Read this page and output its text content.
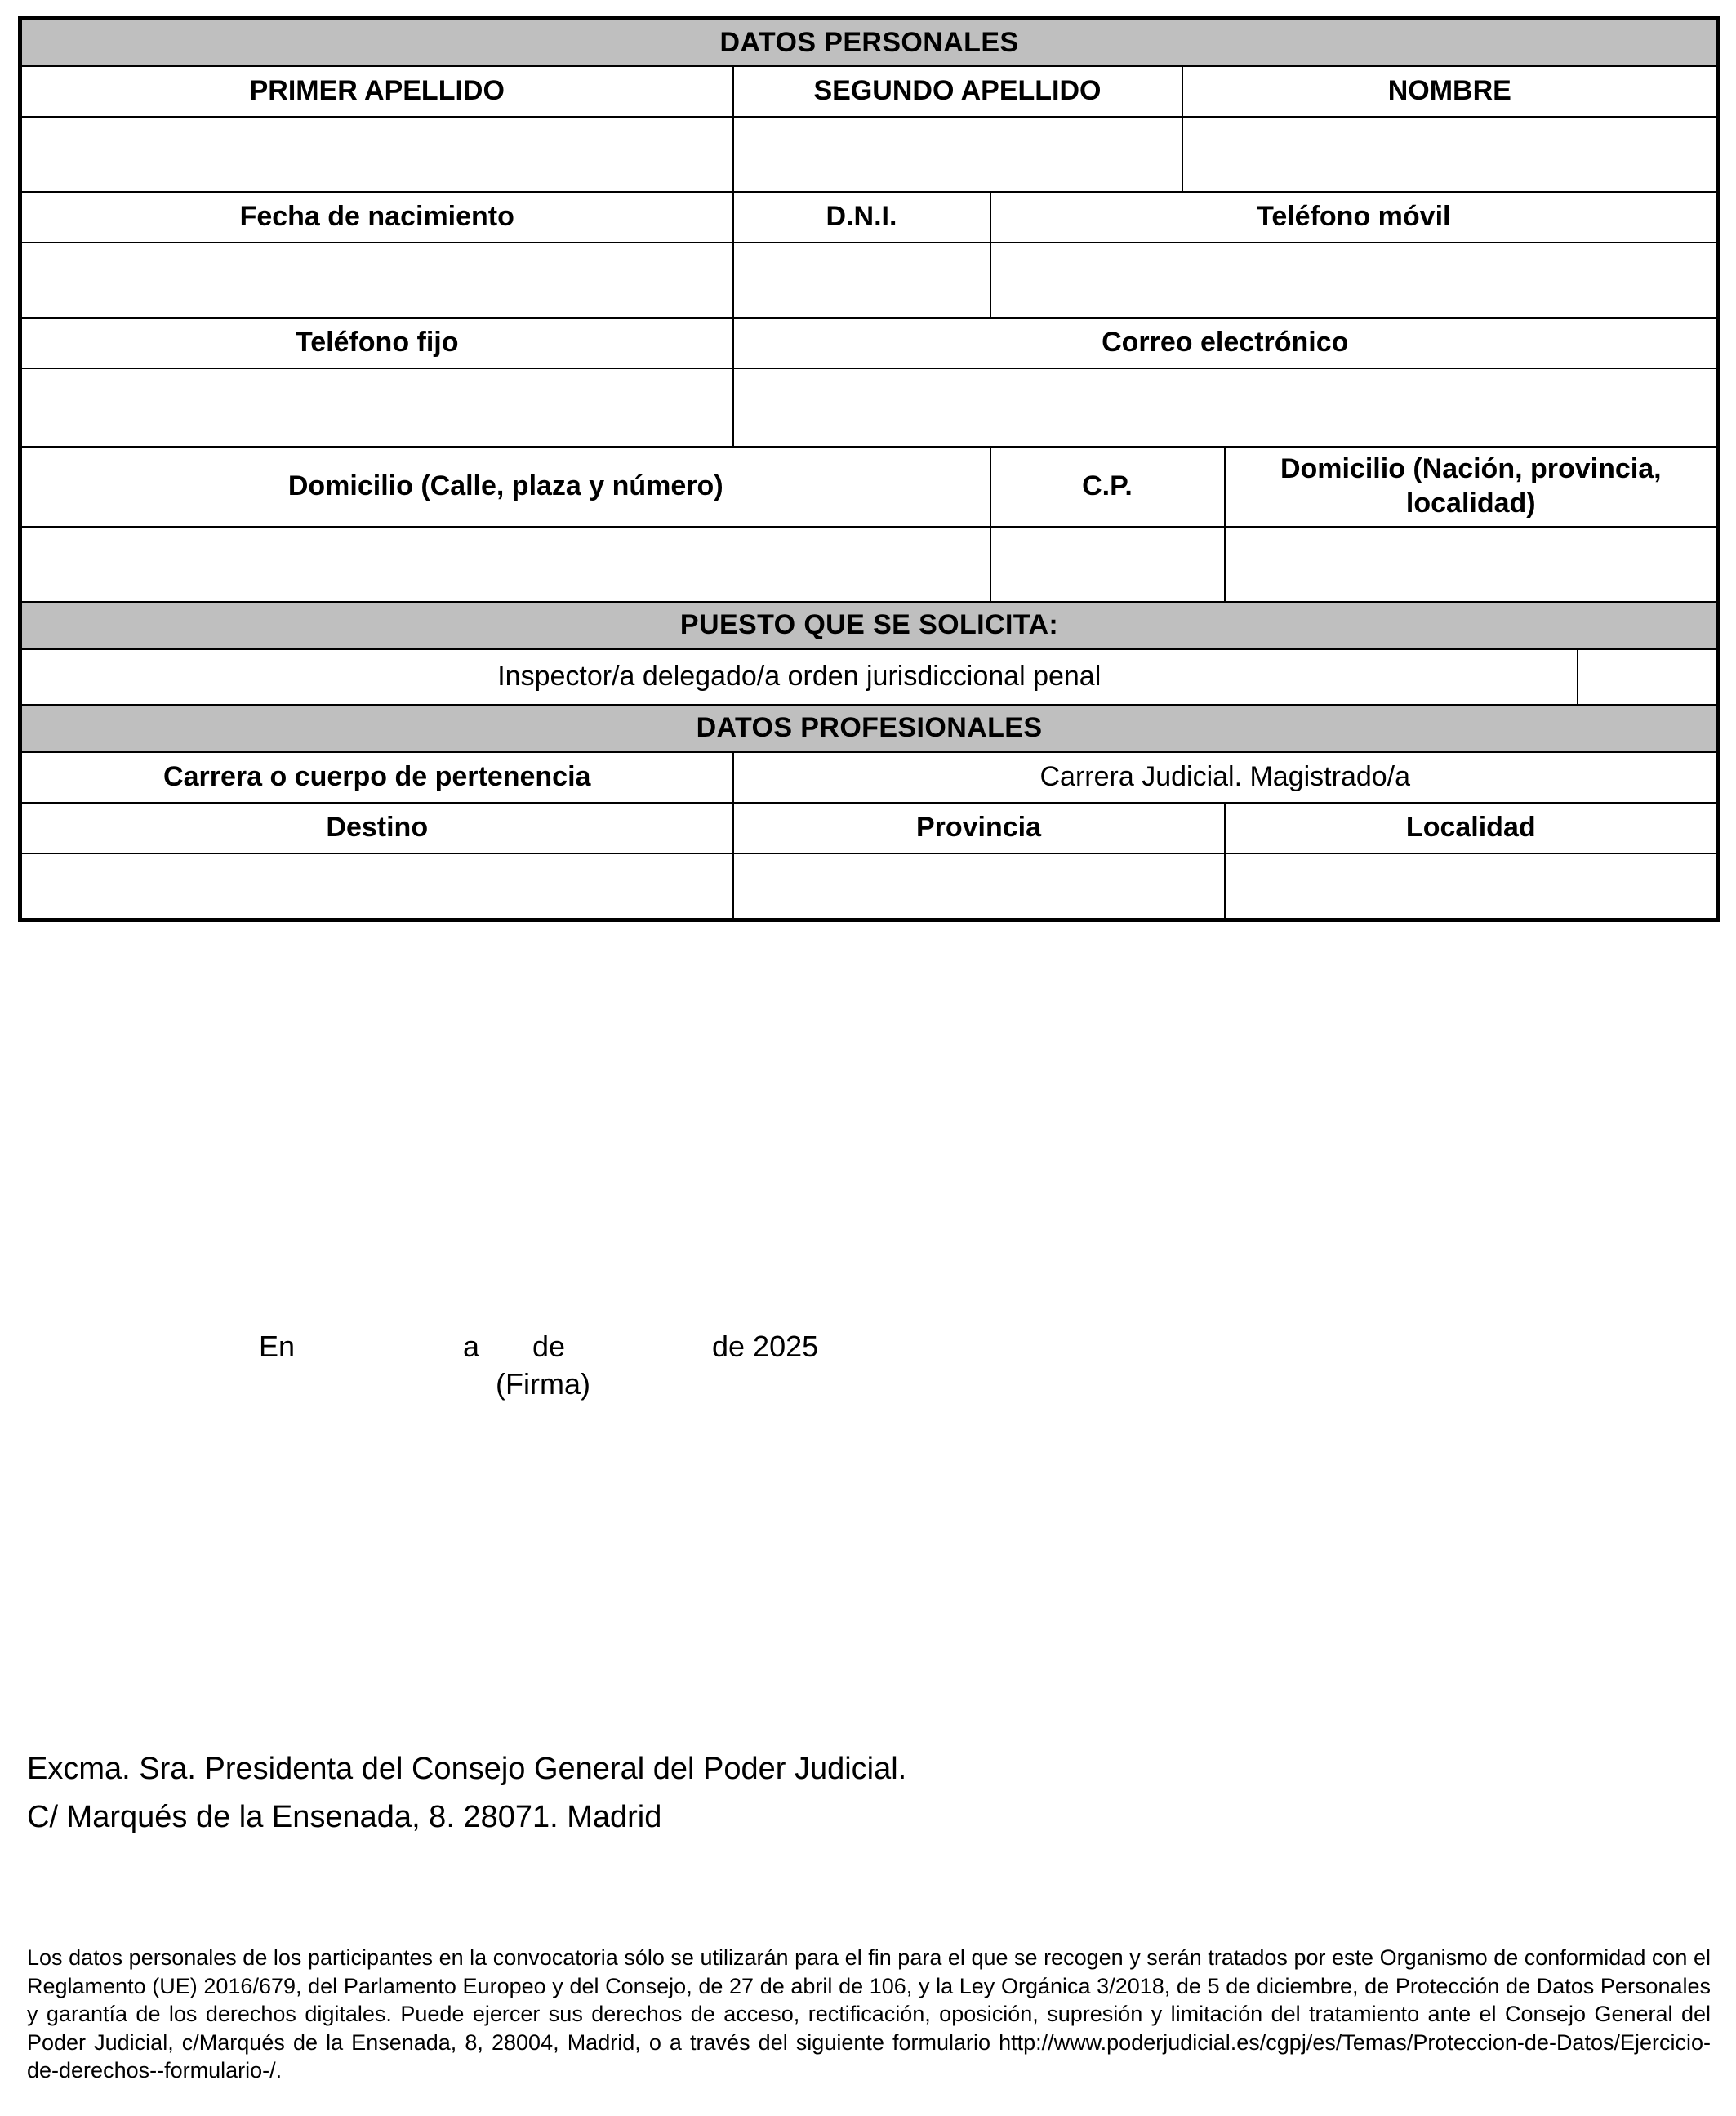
DATOS PERSONALES					
PRIMER APELLIDO	SEGUNDO APELLIDO		NOMBRE		

Fecha de nacimiento	D.N.I.	Teléfono móvil			

Teléfono fijo	Correo electrónico				

Domicilio (Calle, plaza y número)		C.P.		Domicilio (Nación, provincia, localidad)	

PUESTO QUE SE SOLICITA:					
Inspector/a delegado/a orden jurisdiccional penal					
DATOS PROFESIONALES					
Carrera o cuerpo de pertenencia	Carrera Judicial. Magistrado/a				
Destino	Provincia			Localidad	

En	a de	de 2025
(Firma)
Excma. Sra. Presidenta del Consejo General del Poder Judicial.
C/ Marqués de la Ensenada, 8. 28071. Madrid

Los datos personales de los participantes en la convocatoria sólo se utilizarán para el fin para el que se recogen y serán tratados por este Organismo de conformidad con el Reglamento (UE) 2016/679, del Parlamento Europeo y del Consejo, de 27 de abril de 106, y la Ley Orgánica 3/2018, de 5 de diciembre, de Protección de Datos Personales y garantía de los derechos digitales. Puede ejercer sus derechos de acceso, rectificación, oposición, supresión y limitación del tratamiento ante el Consejo General del Poder Judicial, c/Marqués de la Ensenada, 8, 28004, Madrid, o a través del siguiente formulario http://www.poderjudicial.es/cgpj/es/Temas/Proteccion-de-Datos/Ejercicio-de-derechos--formulario-/.
